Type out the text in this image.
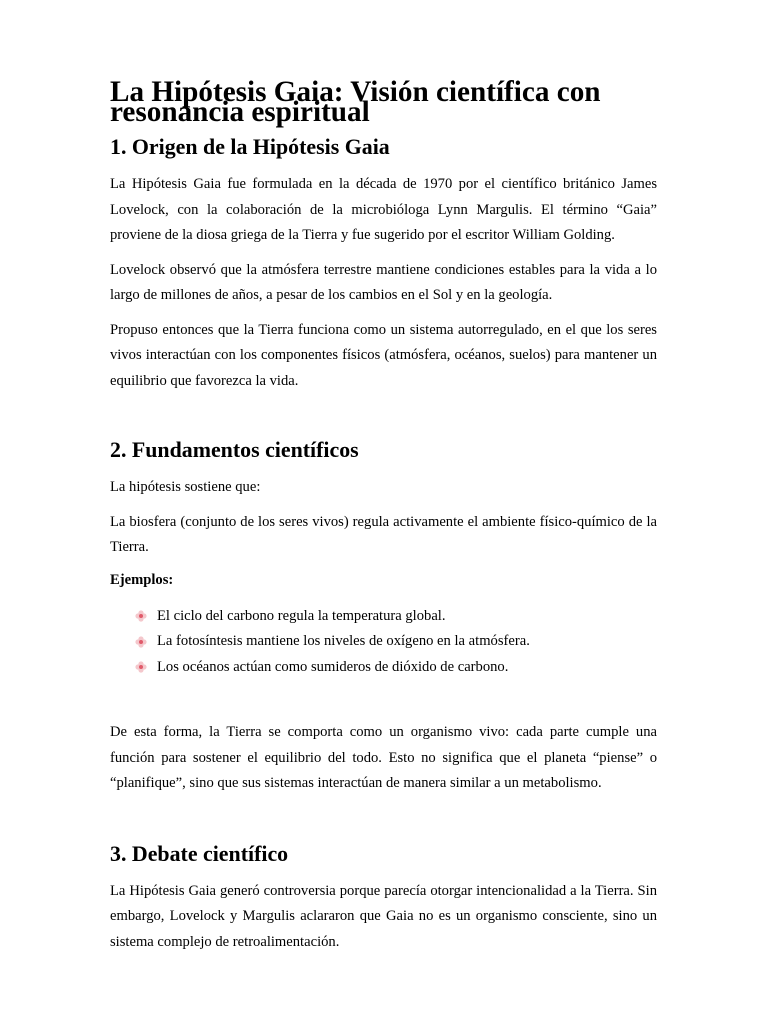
La Hipótesis Gaia: Visión científica con resonancia espiritual
1. Origen de la Hipótesis Gaia

La Hipótesis Gaia fue formulada en la década de 1970 por el científico británico James Lovelock, con la colaboración de la microbióloga Lynn Margulis. El término “Gaia” proviene de la diosa griega de la Tierra y fue sugerido por el escritor William Golding.

Lovelock observó que la atmósfera terrestre mantiene condiciones estables para la vida a lo largo de millones de años, a pesar de los cambios en el Sol y en la geología.

Propuso entonces que la Tierra funciona como un sistema autorregulado, en el que los seres vivos interactúan con los componentes físicos (atmósfera, océanos, suelos) para mantener un equilibrio que favorezca la vida.

2. Fundamentos científicos

La hipótesis sostiene que:

La biosfera (conjunto de los seres vivos) regula activamente el ambiente físico-químico de la Tierra.

Ejemplos:
El ciclo del carbono regula la temperatura global.
La fotosíntesis mantiene los niveles de oxígeno en la atmósfera.
Los océanos actúan como sumideros de dióxido de carbono.

De esta forma, la Tierra se comporta como un organismo vivo: cada parte cumple una función para sostener el equilibrio del todo. Esto no significa que el planeta “piense” o “planifique”, sino que sus sistemas interactúan de manera similar a un metabolismo.

3. Debate científico

La Hipótesis Gaia generó controversia porque parecía otorgar intencionalidad a la Tierra. Sin embargo, Lovelock y Margulis aclararon que Gaia no es un organismo consciente, sino un sistema complejo de retroalimentación.
